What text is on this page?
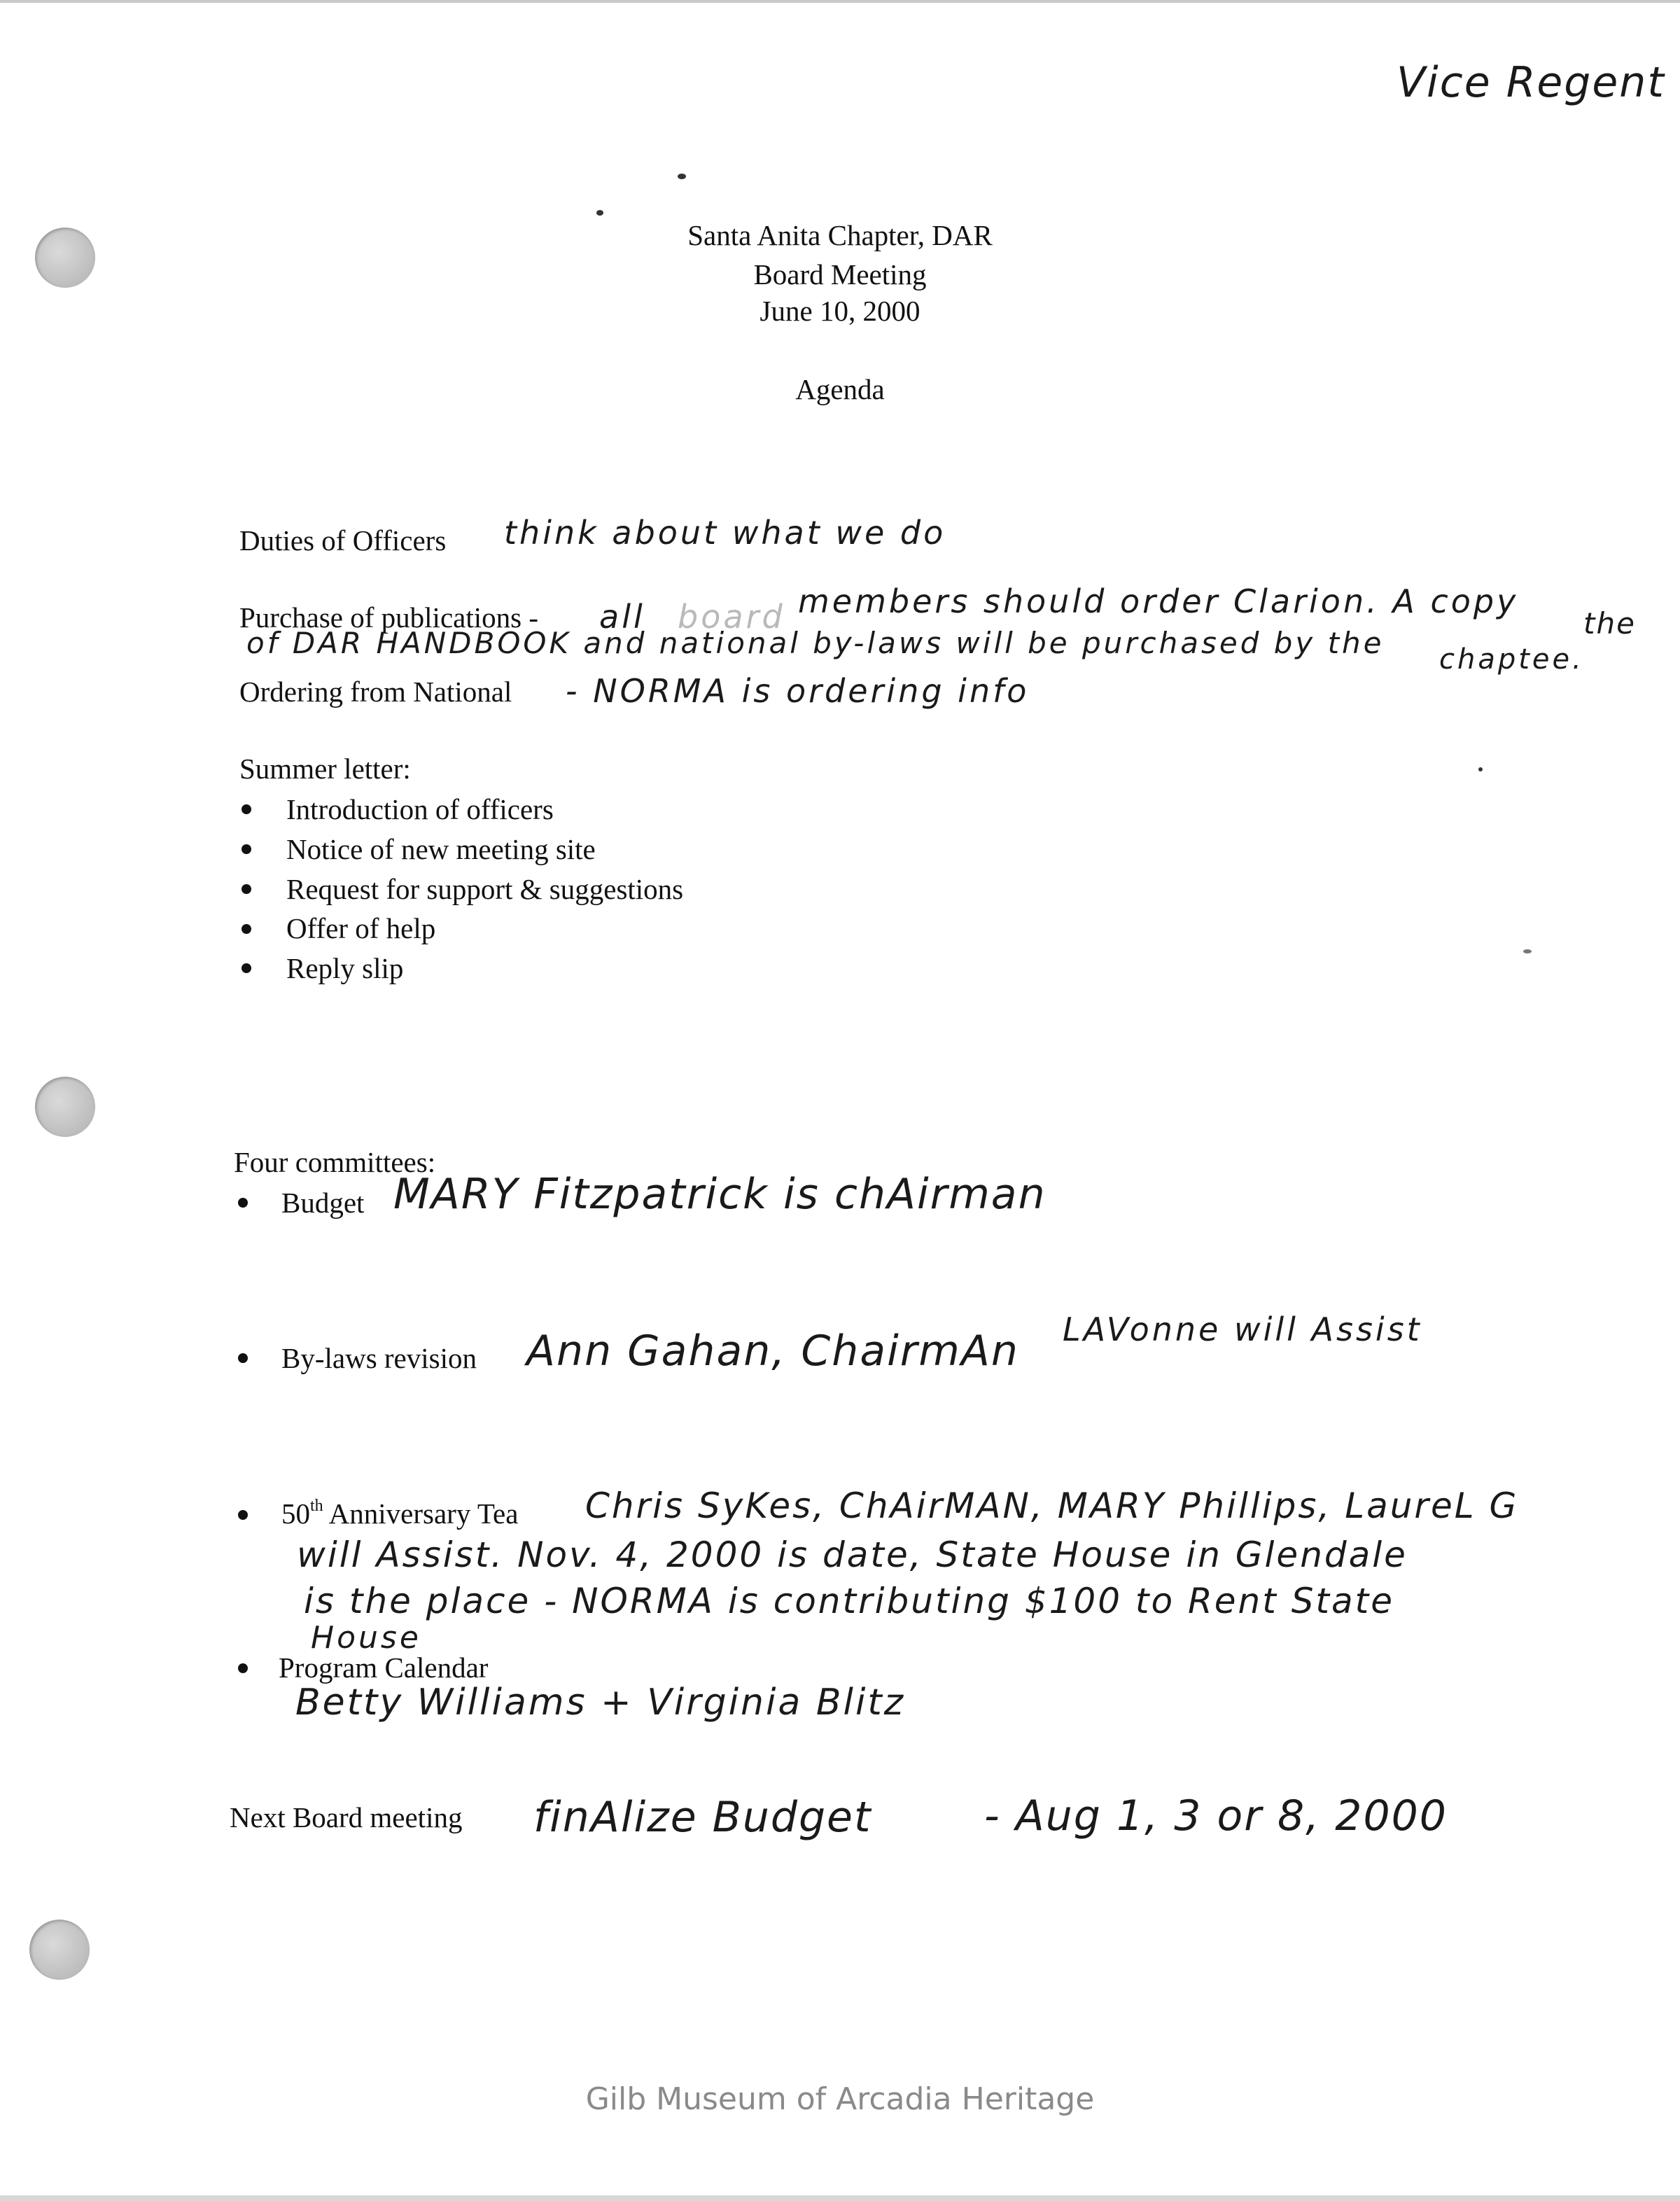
Vice Regent
Santa Anita Chapter, DAR
Board Meeting
June 10, 2000
Agenda
Duties of Officers think about what we do
Purchase of publications - all board members should order Clarion. A copy
the
of DAR HANDBOOK and national by-laws will be purchased by the chaptee.
Ordering from National - NORMA is ordering info
Summer letter:
Introduction of officers
Notice of new meeting site
Request for support & suggestions
Offer of help
Reply slip
Four committees:
Budget MARY Fitzpatrick is chAirman
By-laws revision Ann Gahan, ChairmAn LAVonne will Assist
50th Anniversary Tea Chris SyKes, ChAirMAN, MARY Phillips, LaureL G
will Assist. Nov. 4, 2000 is date, State House in Glendale
is the place - NORMA is contributing $100 to Rent State
House
Program Calendar
Betty Williams + Virginia Blitz
Next Board meeting finAlize Budget	- Aug 1, 3 or 8, 2000
Gilb Museum of Arcadia Heritage
